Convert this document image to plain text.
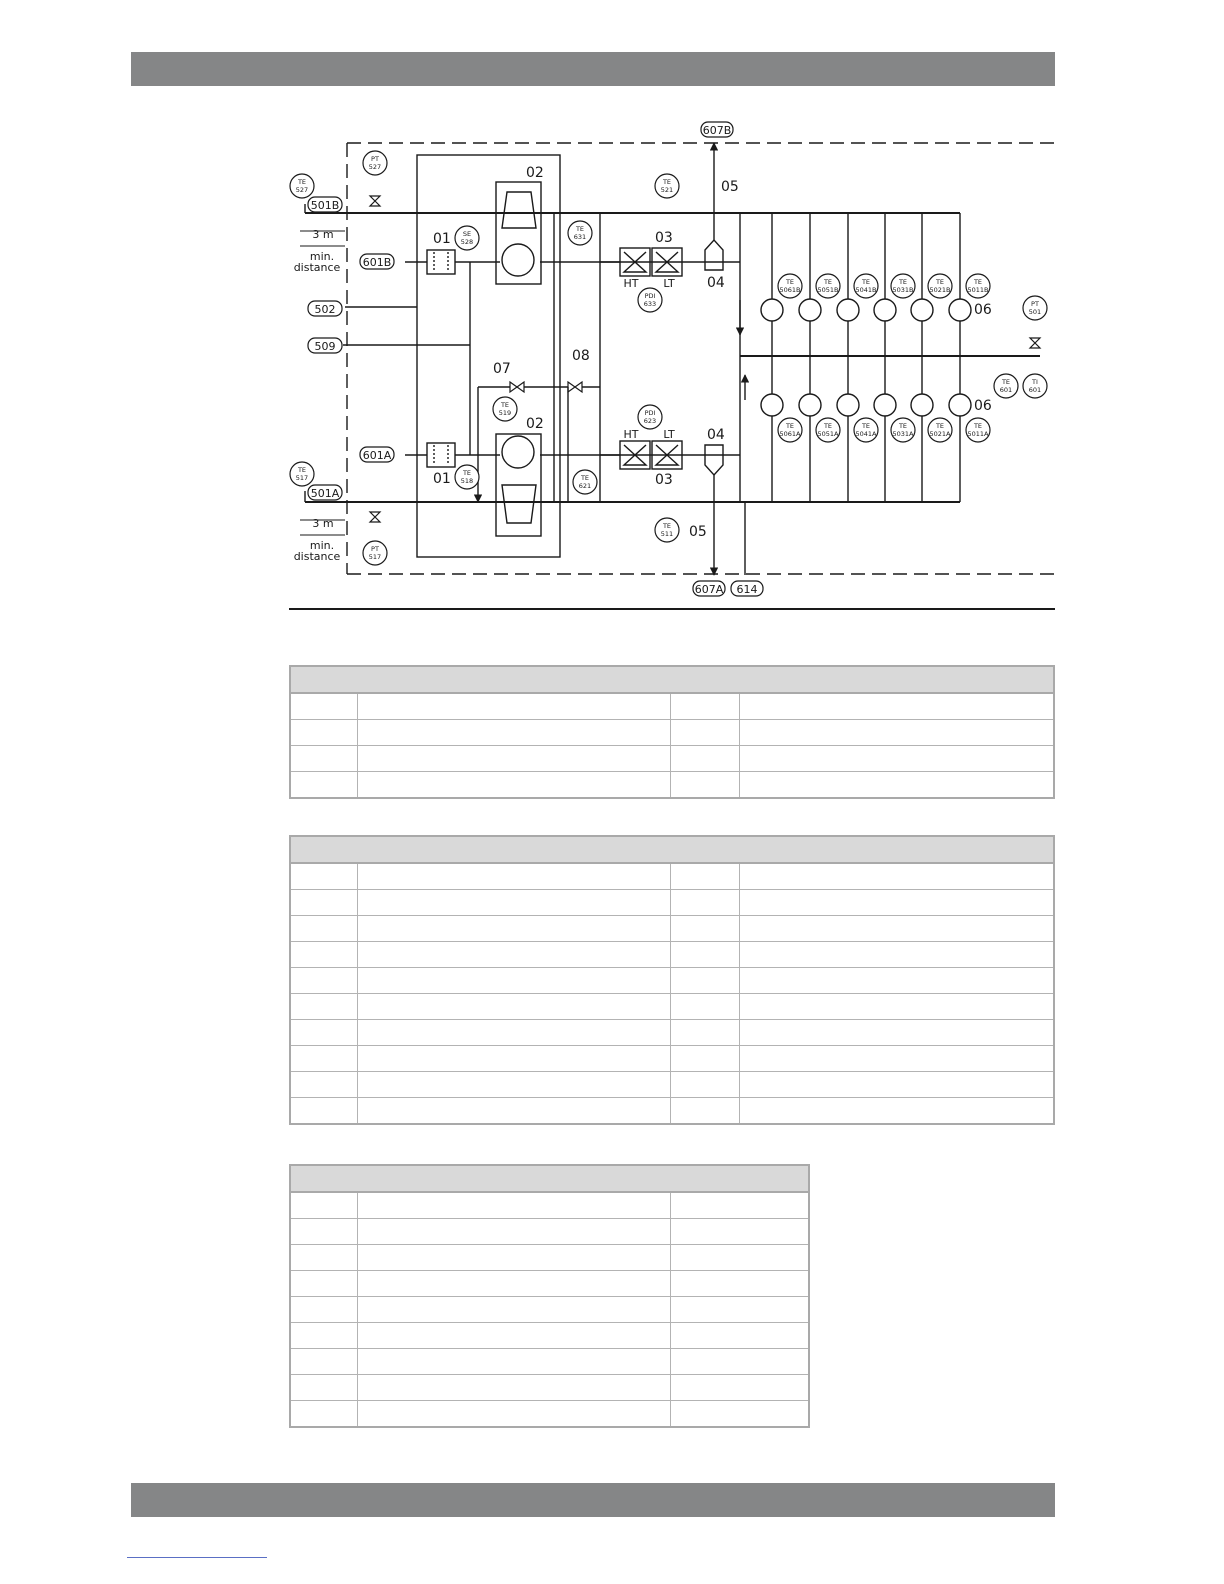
01
01
02
02
03
03
04
04
05
05
06
06
07
08
607B
501B
601B
502
509
601A
501A
607A 614
3 m
min.
distance
3 m
min.
distance
HT LT
HT LT
PT
527
TE
527
SE
528
TE
521
TE
631
PDI
633
TE
519	PDI
623
TE
517
TE
518	TE
621
TE
511
PT
517
PT
501
TE
601
TI
601
TE
5061B
TE
5051B
TE
5041B
TE
5031B
TE
5021B
TE
5011B
TE
5061A
TE
5051A
TE
5041A
TE
5031A
TE
5021A
TE
5011A
